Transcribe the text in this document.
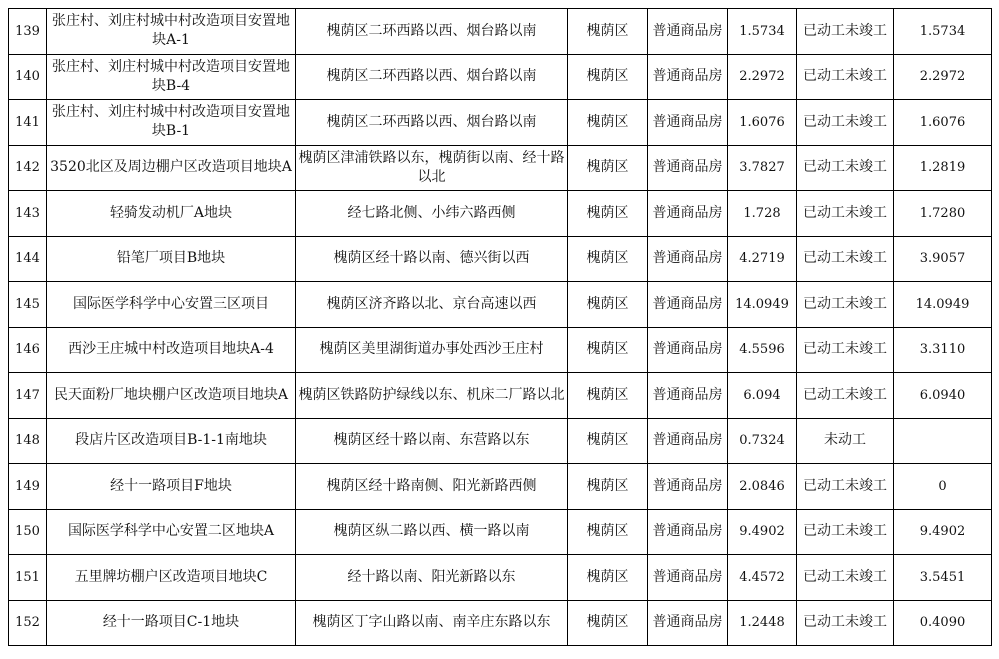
139	张庄村、刘庄村城中村改造项目安置地块A-1	槐荫区二环西路以西、烟台路以南	槐荫区	普通商品房	1.5734	已动工未竣工	1.5734
140	张庄村、刘庄村城中村改造项目安置地块B-4	槐荫区二环西路以西、烟台路以南	槐荫区	普通商品房	2.2972	已动工未竣工	2.2972
141	张庄村、刘庄村城中村改造项目安置地块B-1	槐荫区二环西路以西、烟台路以南	槐荫区	普通商品房	1.6076	已动工未竣工	1.6076
142	3520北区及周边棚户区改造项目地块A	槐荫区津浦铁路以东，槐荫街以南、经十路以北	槐荫区	普通商品房	3.7827	已动工未竣工	1.2819
143	轻骑发动机厂A地块	经七路北侧、小纬六路西侧	槐荫区	普通商品房	1.728	已动工未竣工	1.7280
144	铅笔厂项目B地块	槐荫区经十路以南、德兴街以西	槐荫区	普通商品房	4.2719	已动工未竣工	3.9057
145	国际医学科学中心安置三区项目	槐荫区济齐路以北、京台高速以西	槐荫区	普通商品房	14.0949	已动工未竣工	14.0949
146	西沙王庄城中村改造项目地块A-4	槐荫区美里湖街道办事处西沙王庄村	槐荫区	普通商品房	4.5596	已动工未竣工	3.3110
147	民天面粉厂地块棚户区改造项目地块A	槐荫区铁路防护绿线以东、机床二厂路以北	槐荫区	普通商品房	6.094	已动工未竣工	6.0940
148	段店片区改造项目B-1-1南地块	槐荫区经十路以南、东营路以东	槐荫区	普通商品房	0.7324	未动工	
149	经十一路项目F地块	槐荫区经十路南侧、阳光新路西侧	槐荫区	普通商品房	2.0846	已动工未竣工	0
150	国际医学科学中心安置二区地块A	槐荫区纵二路以西、横一路以南	槐荫区	普通商品房	9.4902	已动工未竣工	9.4902
151	五里牌坊棚户区改造项目地块C	经十路以南、阳光新路以东	槐荫区	普通商品房	4.4572	已动工未竣工	3.5451
152	经十一路项目C-1地块	槐荫区丁字山路以南、南辛庄东路以东	槐荫区	普通商品房	1.2448	已动工未竣工	0.4090
